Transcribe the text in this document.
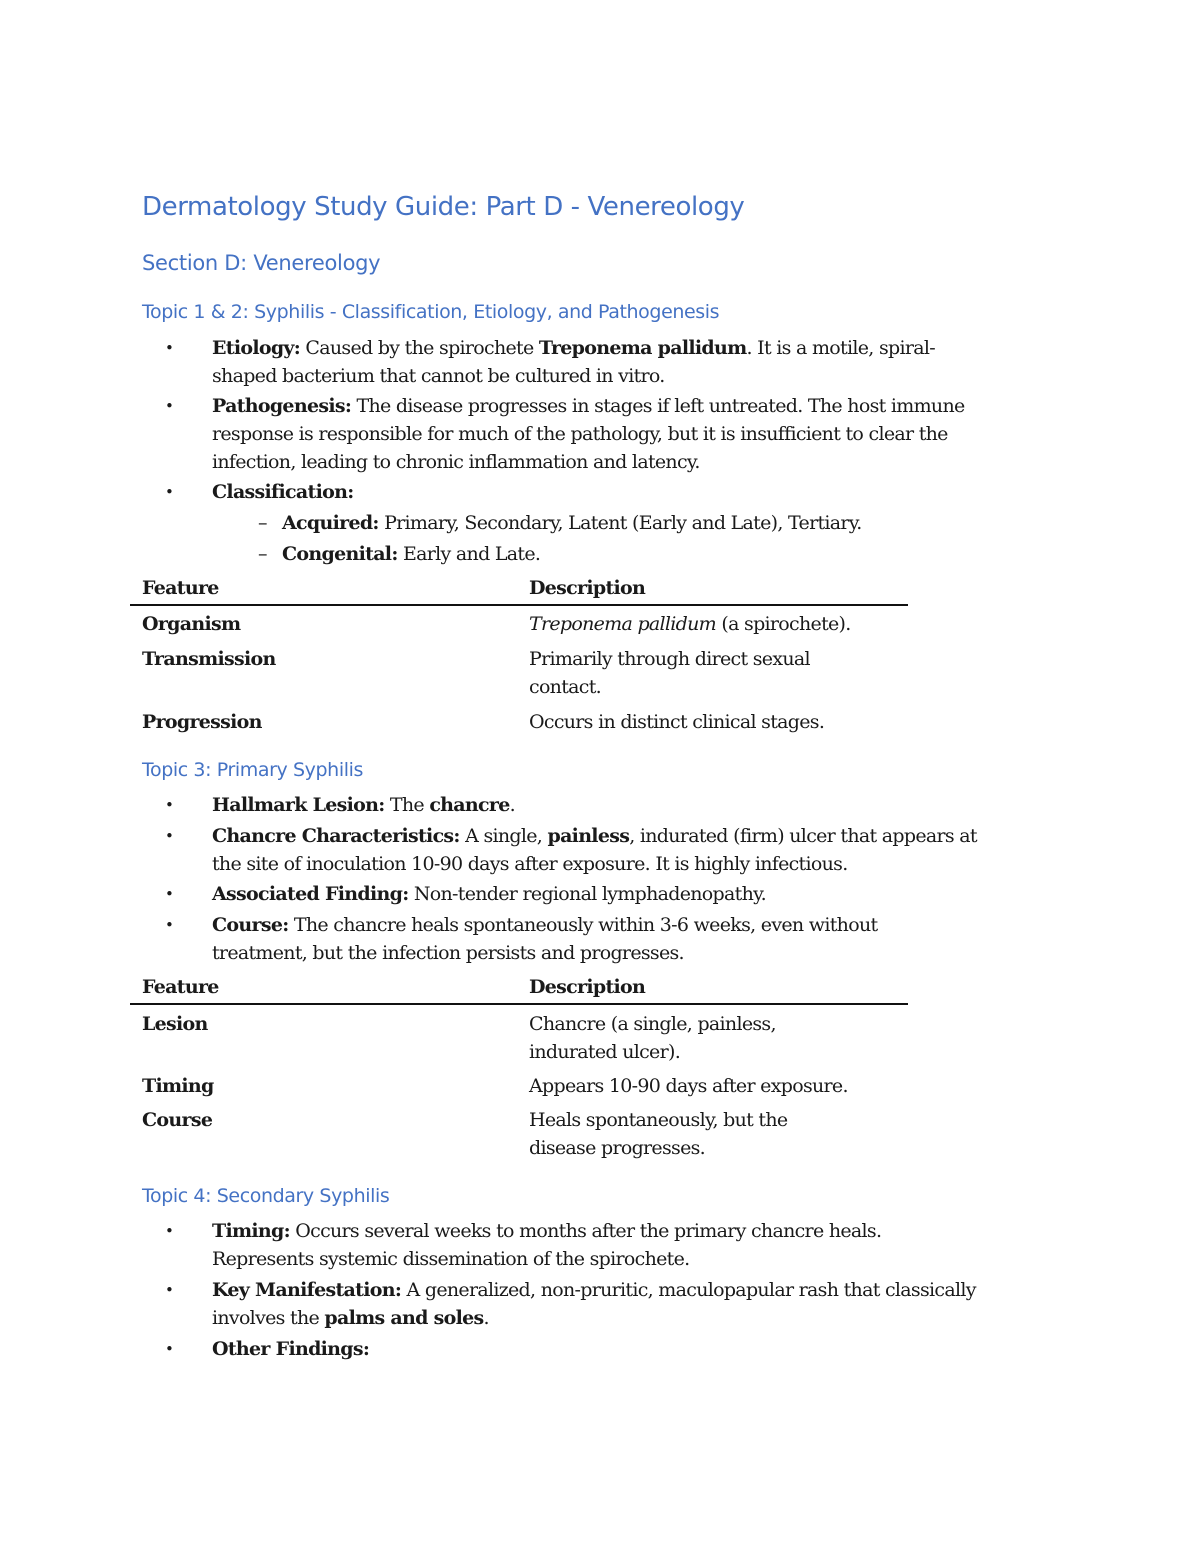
Dermatology Study Guide: Part D - Venereology
Section D: Venereology
Topic 1 & 2: Syphilis - Classification, Etiology, and Pathogenesis
• Etiology: Caused by the spirochete Treponema pallidum. It is a motile, spiral-
shaped bacterium that cannot be cultured in vitro.
• Pathogenesis: The disease progresses in stages if left untreated. The host immune
response is responsible for much of the pathology, but it is insufficient to clear the
infection, leading to chronic inflammation and latency.
• Classification:
– Acquired: Primary, Secondary, Latent (Early and Late), Tertiary.
– Congenital: Early and Late.
Feature	Description
Organism	Treponema pallidum (a spirochete).
Transmission	Primarily through direct sexual
contact.
Progression	Occurs in distinct clinical stages.
Topic 3: Primary Syphilis
• Hallmark Lesion: The chancre.
• Chancre Characteristics: A single, painless, indurated (firm) ulcer that appears at
the site of inoculation 10-90 days after exposure. It is highly infectious.
• Associated Finding: Non-tender regional lymphadenopathy.
• Course: The chancre heals spontaneously within 3-6 weeks, even without
treatment, but the infection persists and progresses.
Feature	Description
Lesion	Chancre (a single, painless,
indurated ulcer).
Timing	Appears 10-90 days after exposure.
Course	Heals spontaneously, but the
disease progresses.
Topic 4: Secondary Syphilis
• Timing: Occurs several weeks to months after the primary chancre heals.
Represents systemic dissemination of the spirochete.
• Key Manifestation: A generalized, non-pruritic, maculopapular rash that classically
involves the palms and soles.
• Other Findings:
